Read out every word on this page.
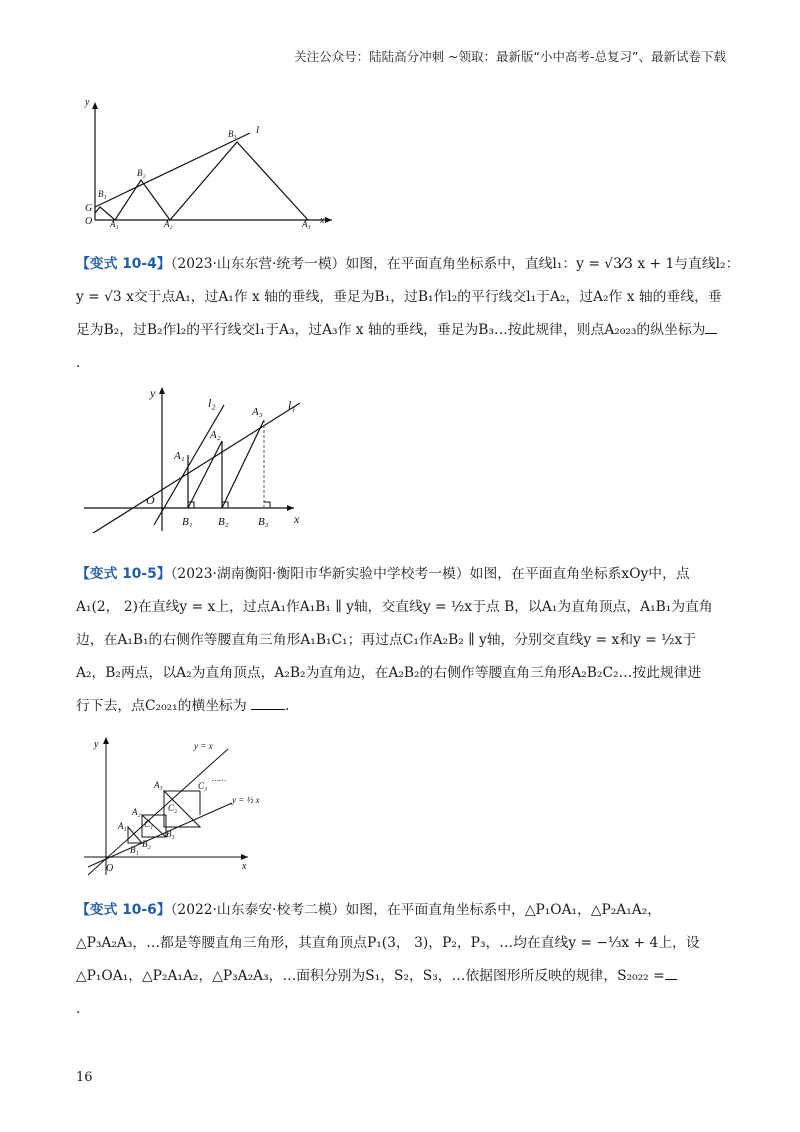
关注公众号：陆陆高分冲刺 ~领取：最新版“小中高考-总复习”、最新试卷下载
y
x
l
O
G
B₁
B₂
B₃
A₁	A₂	A₃
【变式 10-4】（2023·山东东营·统考一模）如图，在平面直角坐标系中，直线l₁：y = √3⁄3 x + 1与直线l₂：
y = √3 x交于点A₁，过A₁作 x 轴的垂线，垂足为B₁，过B₁作l₂的平行线交l₁于A₂，过A₂作 x 轴的垂线，垂
足为B₂，过B₂作l₂的平行线交l₁于A₃，过A₃作 x 轴的垂线，垂足为B₃…按此规律，则点A₂₀₂₃的纵坐标为
.
y
x
O
l₂	l₁
A₁
A₂
A₃
B₁ B₂	B₃
【变式 10-5】（2023·湖南衡阳·衡阳市华新实验中学校考一模）如图，在平面直角坐标系xOy中，点
A₁(2， 2)在直线y = x上，过点A₁作A₁B₁ ∥ y轴，交直线y = ½x于点 B，以A₁为直角顶点，A₁B₁为直角
边，在A₁B₁的右侧作等腰直角三角形A₁B₁C₁；再过点C₁作A₂B₂ ∥ y轴，分别交直线y = x和y = ½x于
A₂，B₂两点，以A₂为直角顶点，A₂B₂为直角边，在A₂B₂的右侧作等腰直角三角形A₂B₂C₂…按此规律进
行下去，点C₂₀₂₁的横坐标为	.
y
x
O
y = x
y = ½ x
A₁
A₂
A₃
B₁
B₂
B₃
C₁
C₂
C₃
……
【变式 10-6】（2022·山东泰安·校考二模）如图，在平面直角坐标系中，△P₁OA₁，△P₂A₁A₂，
△P₃A₂A₃，…都是等腰直角三角形，其直角顶点P₁(3， 3)，P₂，P₃，…均在直线y = −⅓x + 4上，设
△P₁OA₁，△P₂A₁A₂，△P₃A₂A₃，…面积分别为S₁，S₂，S₃，…依据图形所反映的规律，S₂₀₂₂ =
.
16
